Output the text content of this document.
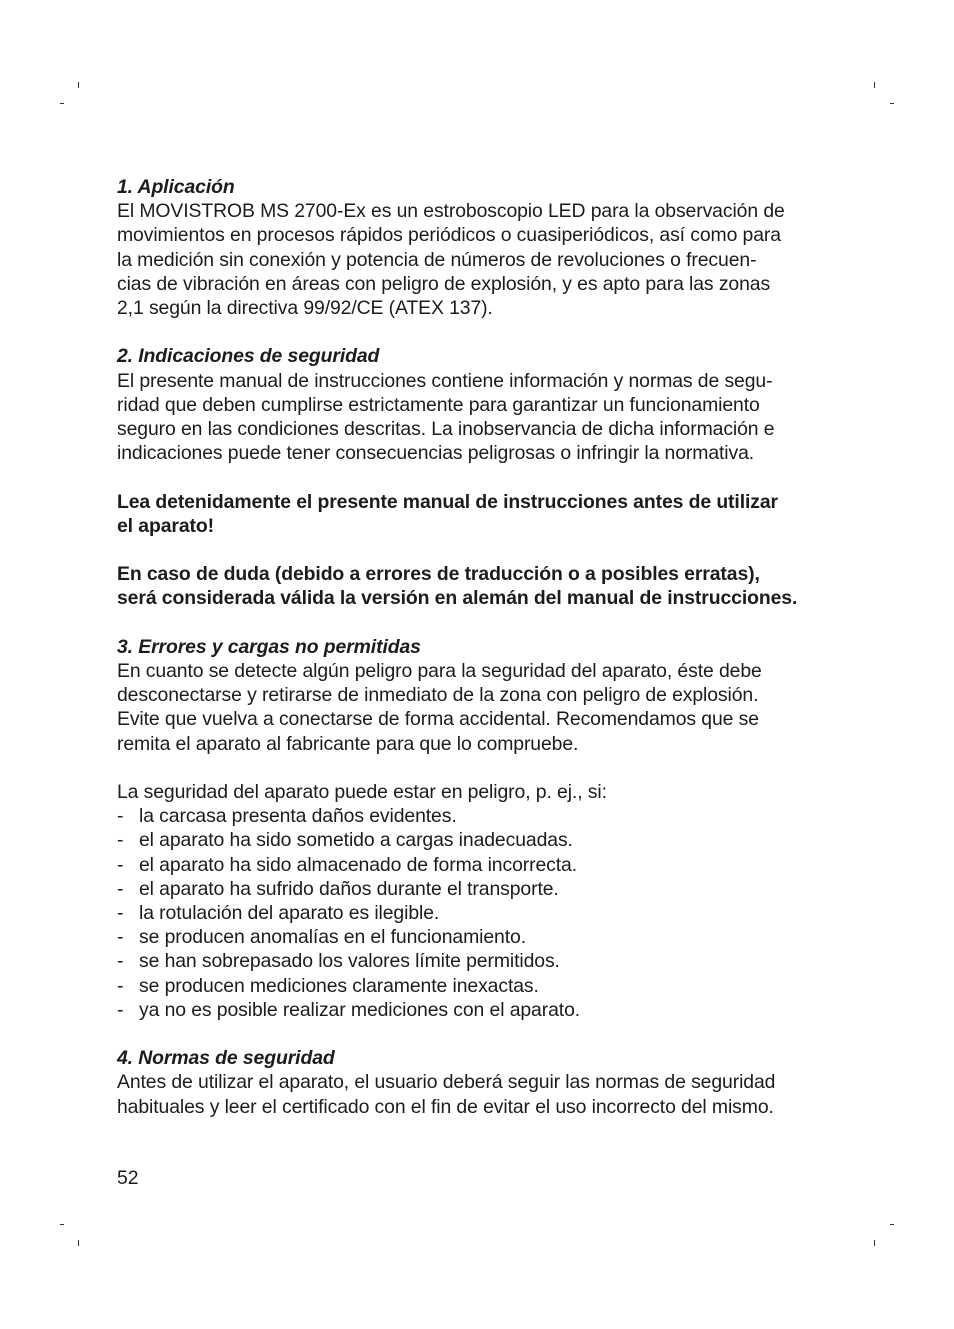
1. Aplicación

El MOVISTROB MS 2700-Ex es un estroboscopio LED para la observación de

movimientos en procesos rápidos periódicos o cuasiperiódicos, así como para

la medición sin conexión y potencia de números de revoluciones o frecuen-

cias de vibración en áreas con peligro de explosión, y es apto para las zonas

2,1 según la directiva 99/92/CE (ATEX 137).

2. Indicaciones de seguridad

El presente manual de instrucciones contiene información y normas de segu-

ridad que deben cumplirse estrictamente para garantizar un funcionamiento

seguro en las condiciones descritas. La inobservancia de dicha información e

indicaciones puede tener consecuencias peligrosas o infringir la normativa.

Lea detenidamente el presente manual de instrucciones antes de utilizar

el aparato!

En caso de duda (debido a errores de traducción o a posibles erratas),

será considerada válida la versión en alemán del manual de instrucciones.

3. Errores y cargas no permitidas

En cuanto se detecte algún peligro para la seguridad del aparato, éste debe

desconectarse y retirarse de inmediato de la zona con peligro de explosión.

Evite que vuelva a conectarse de forma accidental. Recomendamos que se

remita el aparato al fabricante para que lo compruebe.

La seguridad del aparato puede estar en peligro, p. ej., si:

- la carcasa presenta daños evidentes.
- el aparato ha sido sometido a cargas inadecuadas.
- el aparato ha sido almacenado de forma incorrecta.
- el aparato ha sufrido daños durante el transporte.
- la rotulación del aparato es ilegible.
- se producen anomalías en el funcionamiento.
- se han sobrepasado los valores límite permitidos.
- se producen mediciones claramente inexactas.
- ya no es posible realizar mediciones con el aparato.

4. Normas de seguridad

Antes de utilizar el aparato, el usuario deberá seguir las normas de seguridad

habituales y leer el certificado con el fin de evitar el uso incorrecto del mismo.

52
